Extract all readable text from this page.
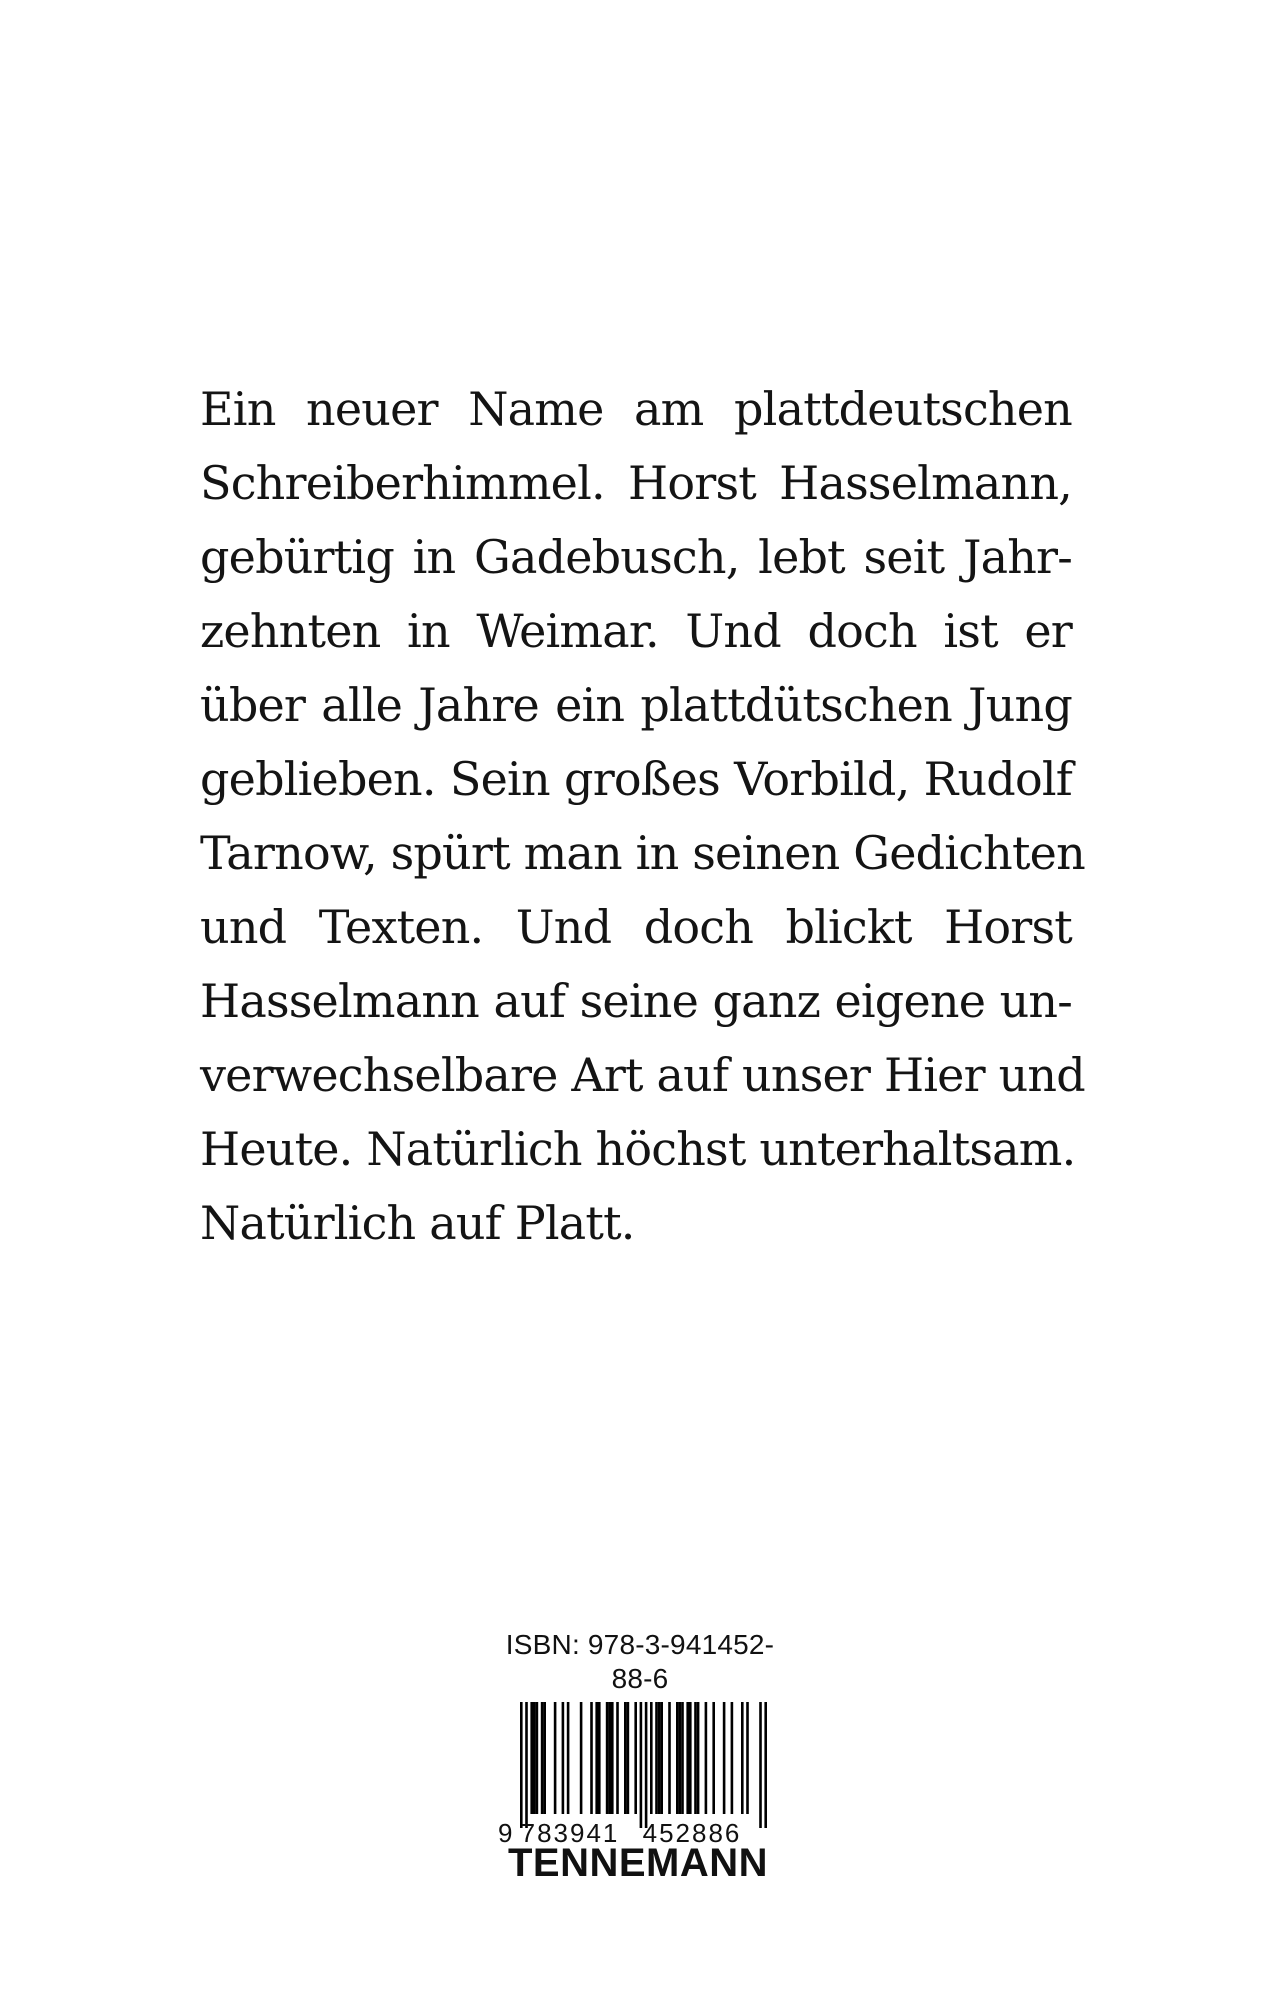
Ein neuer Name am plattdeutschen
Schreiberhimmel. Horst Hasselmann,
gebürtig in Gadebusch, lebt seit Jahr-
zehnten in Weimar. Und doch ist er
über alle Jahre ein plattdütschen Jung
geblieben. Sein großes Vorbild, Rudolf
Tarnow, spürt man in seinen Gedichten
und Texten. Und doch blickt Horst
Hasselmann auf seine ganz eigene un-
verwechselbare Art auf unser Hier und
Heute. Natürlich höchst unterhaltsam.
Natürlich auf Platt.
ISBN: 978-3-941452-88-6
9 783941 452886
TENNEMANN
